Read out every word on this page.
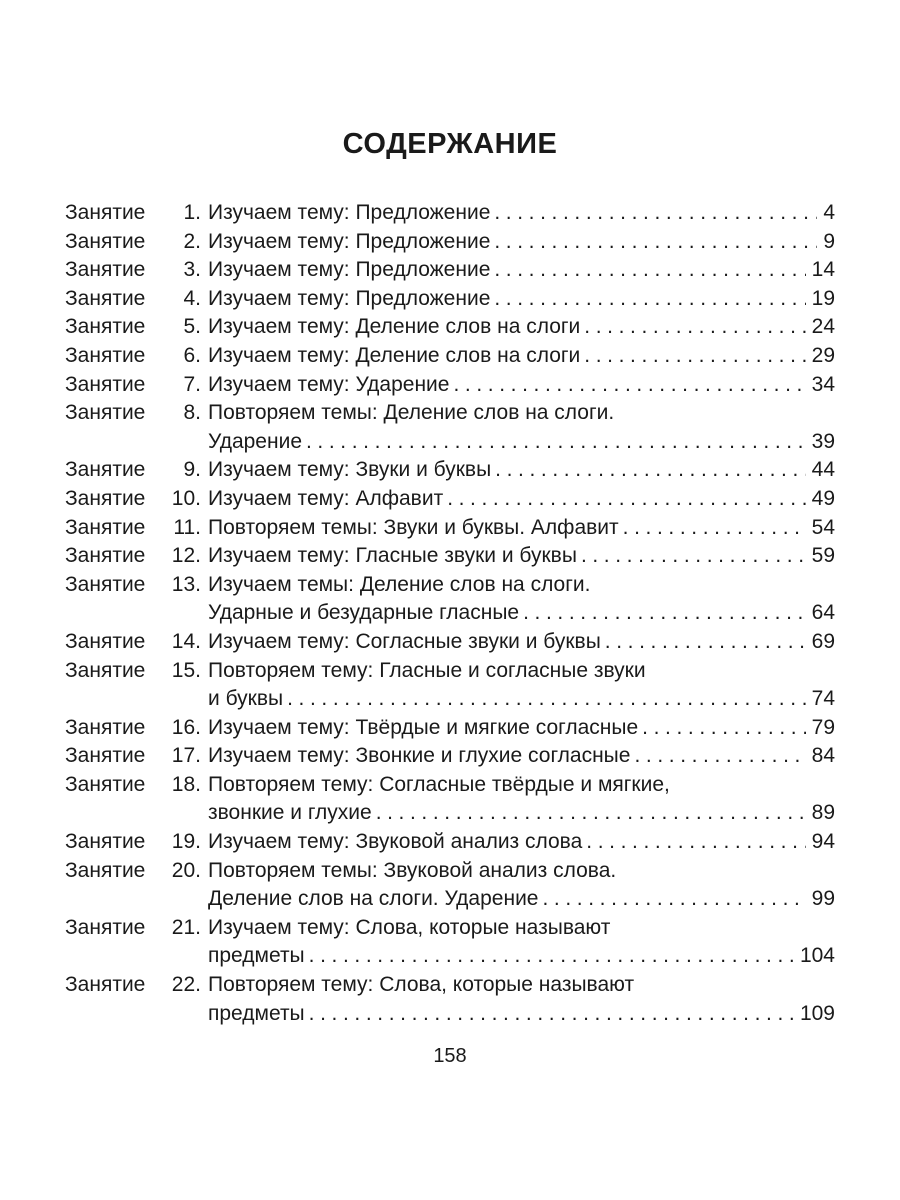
СОДЕРЖАНИЕ
Занятие	1. Изучаем тему: Предложение .....	4
Занятие	2. Изучаем тему: Предложение .....	9
Занятие	3. Изучаем тему: Предложение .....	14
Занятие	4. Изучаем тему: Предложение .....	19
Занятие	5. Изучаем тему: Деление слов на слоги .....	24
Занятие	6. Изучаем тему: Деление слов на слоги .....	29
Занятие	7. Изучаем тему: Ударение .....	34
Занятие	8. Повторяем темы: Деление слов на слоги.
Ударение .....	39
Занятие	9. Изучаем тему: Звуки и буквы .....	44
Занятие	10. Изучаем тему: Алфавит .....	49
Занятие	11. Повторяем темы: Звуки и буквы. Алфавит .....	54
Занятие	12. Изучаем тему: Гласные звуки и буквы .....	59
Занятие	13. Изучаем темы: Деление слов на слоги.
Ударные и безударные гласные .....	64
Занятие	14. Изучаем тему: Согласные звуки и буквы .....	69
Занятие	15. Повторяем тему: Гласные и согласные звуки
и буквы .....	74
Занятие	16. Изучаем тему: Твёрдые и мягкие согласные .....	79
Занятие	17. Изучаем тему: Звонкие и глухие согласные .....	84
Занятие	18. Повторяем тему: Согласные твёрдые и мягкие,
звонкие и глухие .....	89
Занятие	19. Изучаем тему: Звуковой анализ слова .....	94
Занятие	20. Повторяем темы: Звуковой анализ слова.
Деление слов на слоги. Ударение .....	99
Занятие	21. Изучаем тему: Слова, которые называют
предметы .....	104
Занятие	22. Повторяем тему: Слова, которые называют
предметы .....	109
158
